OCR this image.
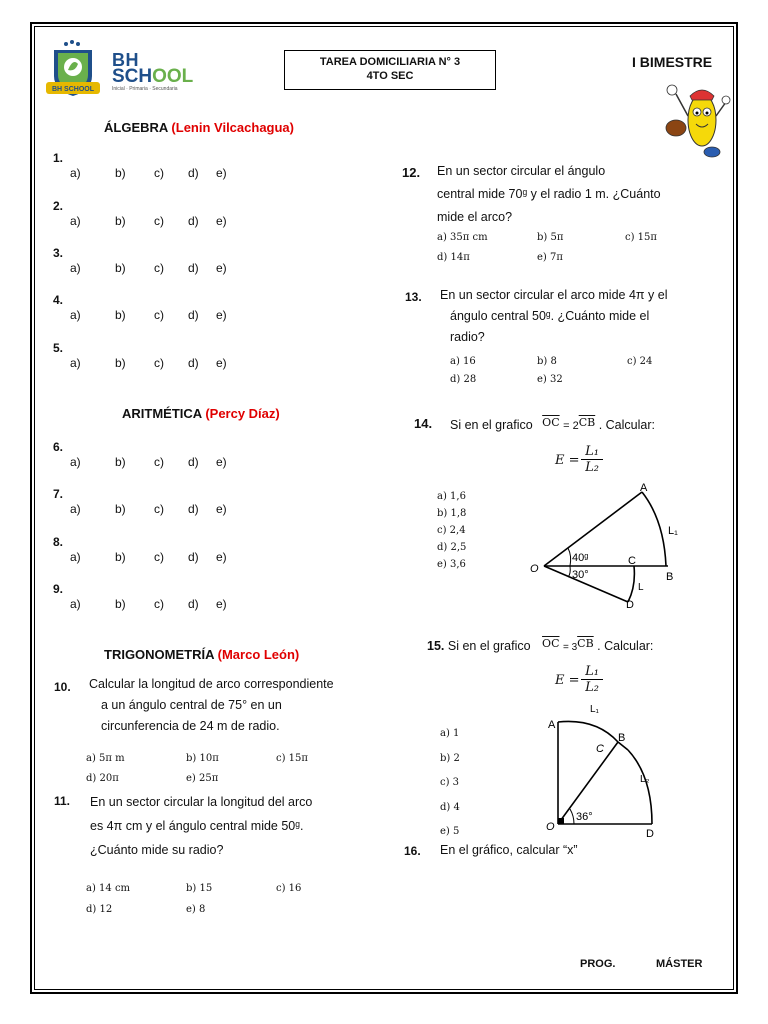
BH SCHOOL
BH
SCHOOL
Inicial · Primaria · Secundaria
TAREA DOMICILIARIA N° 3
4TO SEC
I BIMESTRE
ÁLGEBRA (Lenin Vilcachagua)
1.
a)	b) c) d) e)
2.
a)	b) c) d) e)
3.
a)	b) c) d) e)
4.
a)	b) c) d) e)
5.
a)	b) c) d) e)
6.
a)	b) c) d) e)
7.
a)	b) c) d) e)
8.
a)	b) c) d) e)
9.
a)	b) c) d) e)
ARITMÉTICA (Percy Díaz)
TRIGONOMETRÍA (Marco León)
10. Calcular la longitud de arco correspondiente
a un ángulo central de 75° en un
circunferencia de 24 m de radio.
a) 5π m	b) 10π	c) 15π
d) 20π	e) 25π
11. En un sector circular la longitud del arco
es 4π cm y el ángulo central mide 50ᵍ.
¿Cuánto mide su radio?
a) 14 cm	b) 15	c) 16
d) 12	e) 8
12. En un sector circular el ángulo
central mide 70ᵍ y el radio 1 m. ¿Cuánto
mide el arco?
a) 35π cm	b) 5π	c) 15π
d) 14π	e) 7π
13. En un sector circular el arco mide 4π y el
ángulo central 50ᵍ. ¿Cuánto mide el
radio?
a) 16	b) 8	c) 24
d) 28	e) 32
14. Si en el grafico $\overline{OC} = 2\overline{CB}$ . Calcular:
E =
L₁
L₂
a) 1,6
b) 1,8
c) 2,4
d) 2,5
e) 3,6
A
C
B
D
O
L₁
L
40ᵍ
30°
15. Si en el grafico $\overline{OC} = 3\overline{CB}$ . Calcular:
E =
L₁
L₂
a) 1
b) 2
c) 3
d) 4
e) 5
A
L₁
B
C
L₂
O
D
36°
16. En el gráfico, calcular “x”
PROG.	MÁSTER
